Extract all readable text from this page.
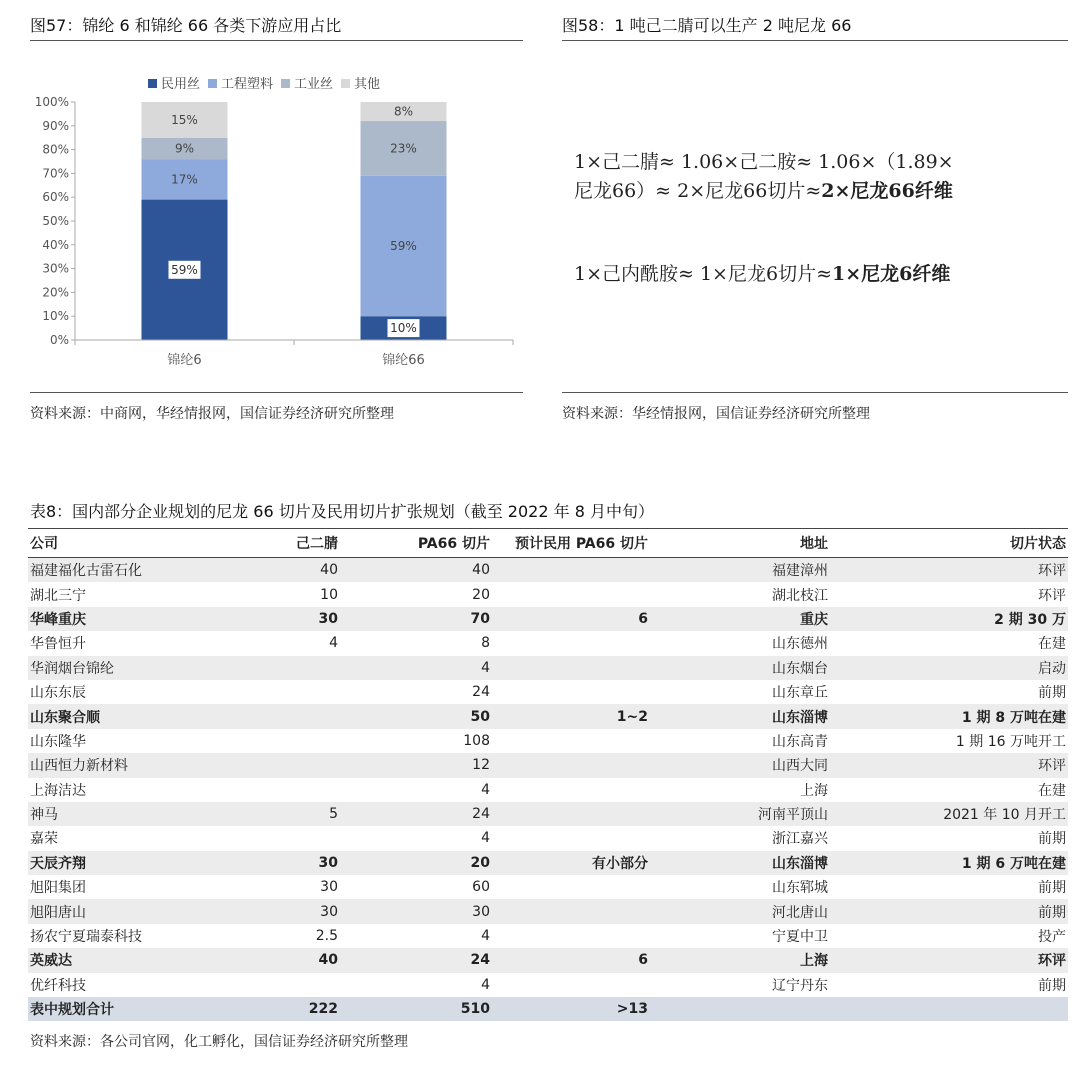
图57：锦纶 6 和锦纶 66 各类下游应用占比
民用丝 工程塑料 工业丝 其他
0%
10%
20%
30%
40%
50%
60%
70%
80%
90%
100%
59%
17%
9%
15%
10%
59%
23%
8%
锦纶6	锦纶66
资料来源：中商网，华经情报网，国信证券经济研究所整理
图58：1 吨己二腈可以生产 2 吨尼龙 66
1×己二腈≈ 1.06×己二胺≈ 1.06×（1.89×
尼龙66）≈ 2×尼龙66切片≈2×尼龙66纤维
1×己内酰胺≈ 1×尼龙6切片≈1×尼龙6纤维
资料来源：华经情报网，国信证券经济研究所整理
表8：国内部分企业规划的尼龙 66 切片及民用切片扩张规划（截至 2022 年 8 月中旬）
公司	己二腈	PA66 切片	预计民用 PA66 切片	地址	切片状态
福建福化古雷石化	40	40		福建漳州	环评
湖北三宁	10	20		湖北枝江	环评
华峰重庆	30	70	6	重庆	2 期 30 万
华鲁恒升	4	8		山东德州	在建
华润烟台锦纶		4		山东烟台	启动
山东东辰		24		山东章丘	前期
山东聚合顺		50	1~2	山东淄博	1 期 8 万吨在建
山东隆华		108		山东高青	1 期 16 万吨开工
山西恒力新材料		12		山西大同	环评
上海洁达		4		上海	在建
神马	5	24		河南平顶山	2021 年 10 月开工
嘉荣		4		浙江嘉兴	前期
天辰齐翔	30	20	有小部分	山东淄博	1 期 6 万吨在建
旭阳集团	30	60		山东郓城	前期
旭阳唐山	30	30		河北唐山	前期
扬农宁夏瑞泰科技	2.5	4		宁夏中卫	投产
英威达	40	24	6	上海	环评
优纤科技		4		辽宁丹东	前期
表中规划合计	222	510	>13		
资料来源：各公司官网，化工孵化，国信证券经济研究所整理
